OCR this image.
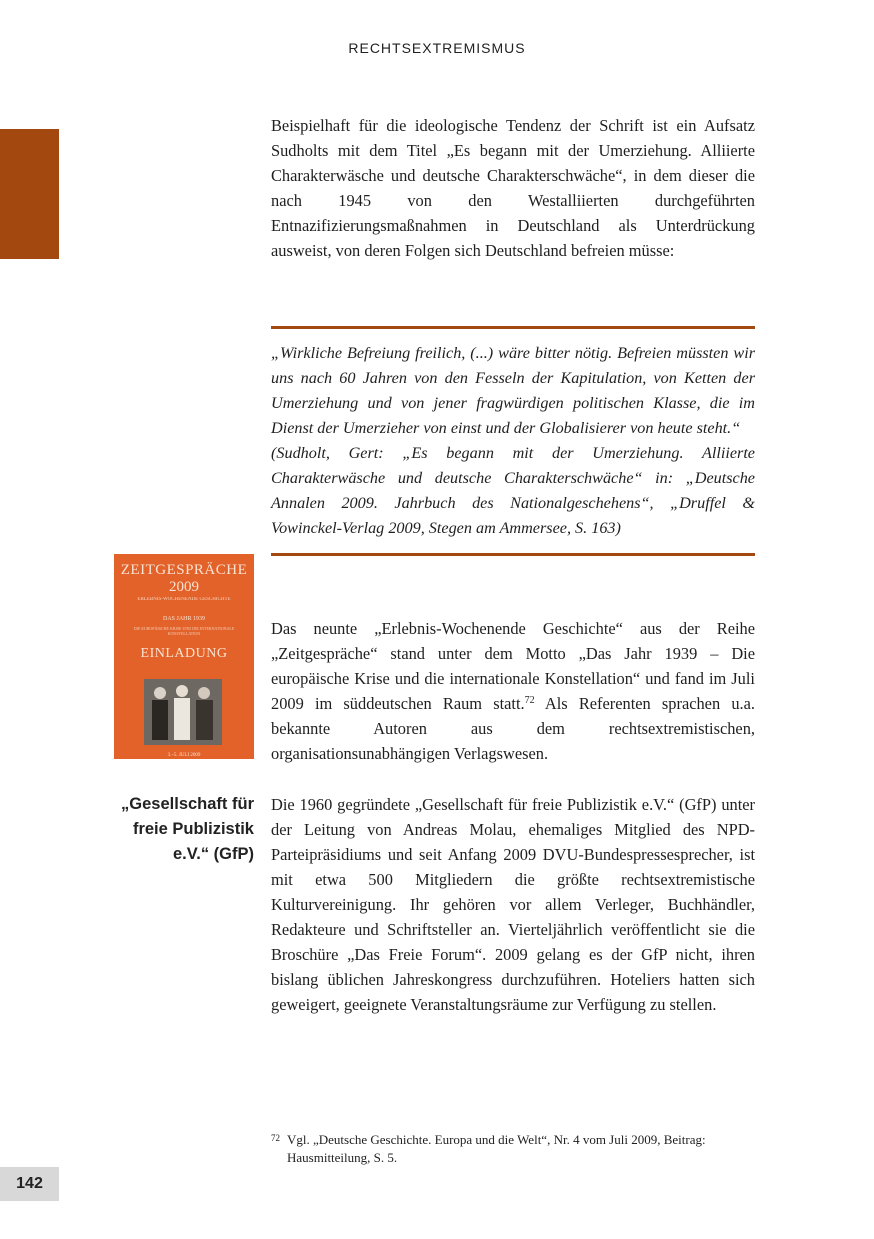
RECHTSEXTREMISMUS
Beispielhaft für die ideologische Tendenz der Schrift ist ein Aufsatz Sudholts mit dem Titel „Es begann mit der Umerziehung. Alliierte Charakterwäsche und deutsche Charakterschwäche“, in dem dieser die nach 1945 von den Westalliierten durchgeführten Entnazifizierungsmaßnahmen in Deutschland als Unterdrückung ausweist, von deren Folgen sich Deutschland befreien müsse:

„Wirkliche Befreiung freilich, (...) wäre bitter nötig. Befreien müssten wir uns nach 60 Jahren von den Fesseln der Kapitulation, von Ketten der Umerziehung und von jener fragwürdigen politischen Klasse, die im Dienst der Umerzieher von einst und der Globalisierer von heute steht.“

(Sudholt, Gert: „Es begann mit der Umerziehung. Alliierte Charakterwäsche und deutsche Charakterschwäche“ in: „Deutsche Annalen 2009. Jahrbuch des Nationalgeschehens“, „Druffel & Vowinckel-Verlag 2009, Stegen am Ammersee, S. 163)

ZEITGESPRÄCHE
2009
ERLEBNIS-WOCHENENDE GESCHICHTE
DAS JAHR 1939
DIE EUROPÄISCHE KRISE UND DIE INTERNATIONALE KONSTELLATION
EINLADUNG
3.–5. JULI 2009
Das neunte „Erlebnis-Wochenende Geschichte“ aus der Reihe „Zeitgespräche“ stand unter dem Motto „Das Jahr 1939 – Die europäische Krise und die internationale Konstellation“ und fand im Juli 2009 im süddeutschen Raum statt.$^{72}$ Als Referenten sprachen u.a. bekannte Autoren aus dem rechtsextremistischen, organisationsunabhängigen Verlagswesen.
„Gesellschaft für freie Publizistik e.V.“ (GfP)
Die 1960 gegründete „Gesellschaft für freie Publizistik e.V.“ (GfP) unter der Leitung von Andreas Molau, ehemaliges Mitglied des NPD-Parteipräsidiums und seit Anfang 2009 DVU-Bundespressesprecher, ist mit etwa 500 Mitgliedern die größte rechtsextremistische Kulturvereinigung. Ihr gehören vor allem Verleger, Buchhändler, Redakteure und Schriftsteller an. Vierteljährlich veröffentlicht sie die Broschüre „Das Freie Forum“. 2009 gelang es der GfP nicht, ihren bislang üblichen Jahreskongress durchzuführen. Hoteliers hatten sich geweigert, geeignete Veranstaltungsräume zur Verfügung zu stellen.
72 Vgl. „Deutsche Geschichte. Europa und die Welt“, Nr. 4 vom Juli 2009, Beitrag: Hausmitteilung, S. 5.
142
